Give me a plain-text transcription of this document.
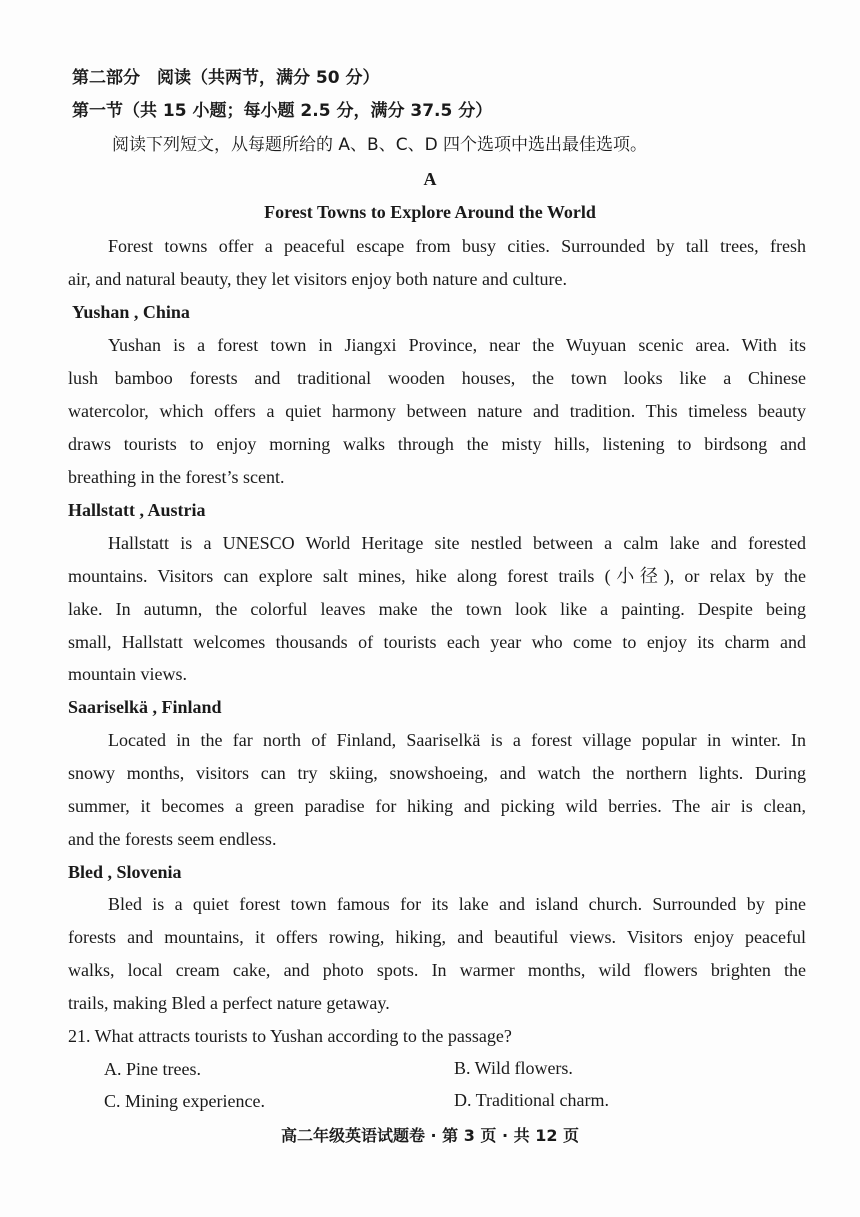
第二部分　阅读（共两节，满分 50 分）
第一节（共 15 小题；每小题 2.5 分，满分 37.5 分）
阅读下列短文，从每题所给的 A、B、C、D 四个选项中选出最佳选项。
A
Forest Towns to Explore Around the World
Forest towns offer a peaceful escape from busy cities. Surrounded by tall trees, fresh
air, and natural beauty, they let visitors enjoy both nature and culture.
Yushan , China
Yushan is a forest town in Jiangxi Province, near the Wuyuan scenic area. With its
lush bamboo forests and traditional wooden houses, the town looks like a Chinese
watercolor, which offers a quiet harmony between nature and tradition. This timeless beauty
draws tourists to enjoy morning walks through the misty hills, listening to birdsong and
breathing in the forest’s scent.
Hallstatt , Austria
Hallstatt is a UNESCO World Heritage site nestled between a calm lake and forested
mountains. Visitors can explore salt mines, hike along forest trails (小径), or relax by the
lake. In autumn, the colorful leaves make the town look like a painting. Despite being
small, Hallstatt welcomes thousands of tourists each year who come to enjoy its charm and
mountain views.
Saariselkä , Finland
Located in the far north of Finland, Saariselkä is a forest village popular in winter. In
snowy months, visitors can try skiing, snowshoeing, and watch the northern lights. During
summer, it becomes a green paradise for hiking and picking wild berries. The air is clean,
and the forests seem endless.
Bled , Slovenia
Bled is a quiet forest town famous for its lake and island church. Surrounded by pine
forests and mountains, it offers rowing, hiking, and beautiful views. Visitors enjoy peaceful
walks, local cream cake, and photo spots. In warmer months, wild flowers brighten the
trails, making Bled a perfect nature getaway.
21. What attracts tourists to Yushan according to the passage?
A. Pine trees.	B. Wild flowers.
C. Mining experience.	D. Traditional charm.
高二年级英语试题卷 · 第 3 页 · 共 12 页
